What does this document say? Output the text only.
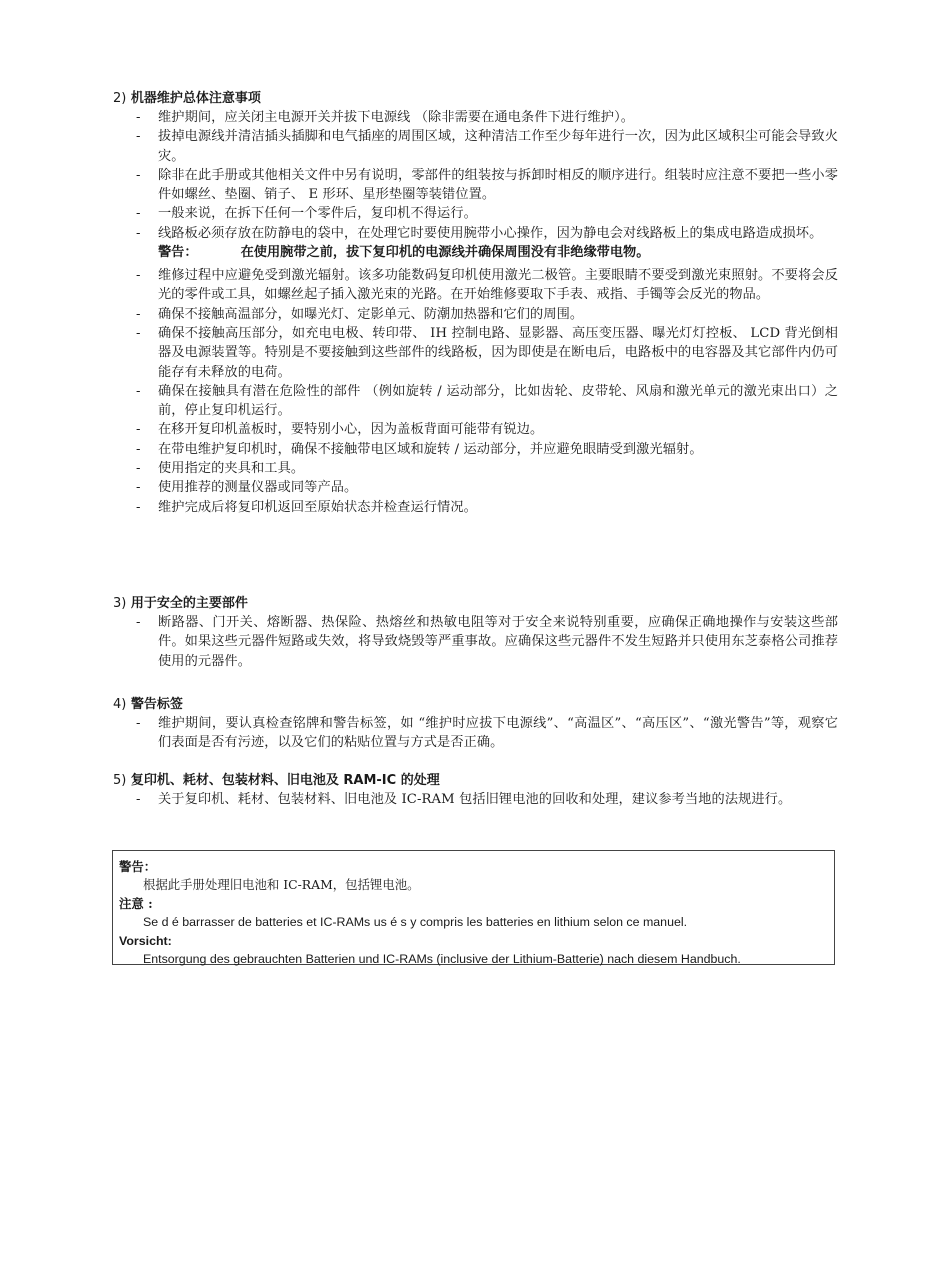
2) 机器维护总体注意事项
- 维护期间，应关闭主电源开关并拔下电源线 （除非需要在通电条件下进行维护）。
- 拔掉电源线并清洁插头插脚和电气插座的周围区域，这种清洁工作至少每年进行一次，因为此区域积尘可能会导致火灾。
- 除非在此手册或其他相关文件中另有说明，零部件的组装按与拆卸时相反的顺序进行。组装时应注意不要把一些小零件如螺丝、垫圈、销子、 E 形环、星形垫圈等装错位置。
- 一般来说，在拆下任何一个零件后，复印机不得运行。
- 线路板必须存放在防静电的袋中，在处理它时要使用腕带小心操作，因为静电会对线路板上的集成电路造成损坏。
警告：	在使用腕带之前，拔下复印机的电源线并确保周围没有非绝缘带电物。
- 维修过程中应避免受到激光辐射。该多功能数码复印机使用激光二极管。主要眼睛不要受到激光束照射。不要将会反光的零件或工具，如螺丝起子插入激光束的光路。在开始维修要取下手表、戒指、手镯等会反光的物品。
- 确保不接触高温部分，如曝光灯、定影单元、防潮加热器和它们的周围。
- 确保不接触高压部分，如充电电极、转印带、 IH 控制电路、显影器、高压变压器、曝光灯灯控板、 LCD 背光倒相器及电源装置等。特别是不要接触到这些部件的线路板，因为即使是在断电后，电路板中的电容器及其它部件内仍可能存有未释放的电荷。
- 确保在接触具有潜在危险性的部件 （例如旋转 / 运动部分，比如齿轮、皮带轮、风扇和激光单元的激光束出口）之前，停止复印机运行。
- 在移开复印机盖板时，要特别小心，因为盖板背面可能带有锐边。
- 在带电维护复印机时，确保不接触带电区域和旋转 / 运动部分，并应避免眼睛受到激光辐射。
- 使用指定的夹具和工具。
- 使用推荐的测量仪器或同等产品。
- 维护完成后将复印机返回至原始状态并检查运行情况。
3) 用于安全的主要部件
- 断路器、门开关、熔断器、热保险、热熔丝和热敏电阻等对于安全来说特别重要，应确保正确地操作与安装这些部件。如果这些元器件短路或失效，将导致烧毁等严重事故。应确保这些元器件不发生短路并只使用东芝泰格公司推荐使用的元器件。
4) 警告标签
- 维护期间，要认真检查铭牌和警告标签，如 “维护时应拔下电源线”、“高温区”、“高压区”、“激光警告”等，观察它们表面是否有污迹，以及它们的粘贴位置与方式是否正确。
5) 复印机、耗材、包装材料、旧电池及 RAM-IC 的处理
- 关于复印机、耗材、包装材料、旧电池及 IC-RAM 包括旧锂电池的回收和处理，建议参考当地的法规进行。
警告：
根据此手册处理旧电池和 IC-RAM，包括锂电池。
注意 :
Se d é barrasser de batteries et IC-RAMs us é s y compris les batteries en lithium selon ce manuel.
Vorsicht:
Entsorgung des gebrauchten Batterien und IC-RAMs (inclusive der Lithium-Batterie) nach diesem Handbuch.
